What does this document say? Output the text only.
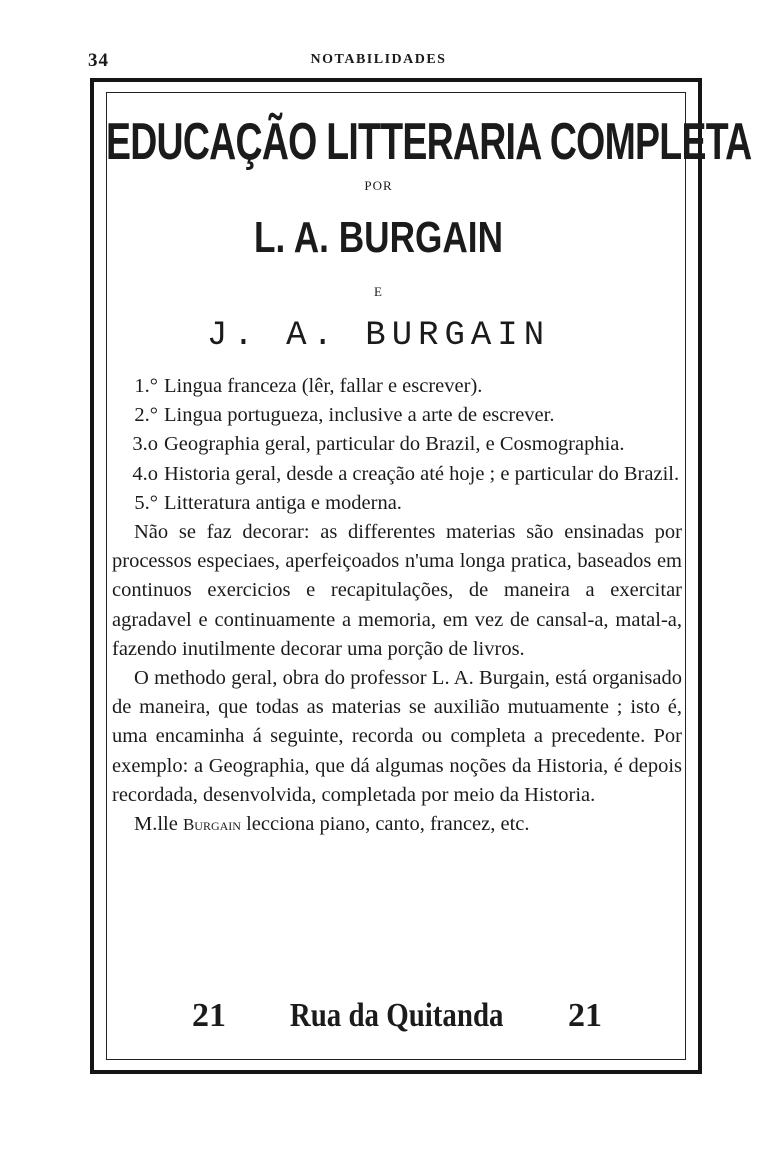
34	NOTABILIDADES
EDUCAÇÃO LITTERARIA COMPLETA
POR
L. A. BURGAIN
E
J. A. BURGAIN
1.° Lingua franceza (lêr, fallar e escrever).
2.° Lingua portugueza, inclusive a arte de escrever.
3.o Geographia geral, particular do Brazil, e Cosmographia.
4.o Historia geral, desde a creação até hoje ; e particular do Brazil.
5.° Litteratura antiga e moderna.

Não se faz decorar: as differentes materias são ensinadas por processos especiaes, aperfeiçoados n'uma longa pratica, baseados em continuos exercicios e recapitulações, de maneira a exercitar agradavel e continuamente a memoria, em vez de cansal-a, matal-a, fazendo inutilmente decorar uma porção de livros.

O methodo geral, obra do professor L. A. Burgain, está organisado de maneira, que todas as materias se auxilião mutuamente ; isto é, uma encaminha á seguinte, recorda ou completa a precedente. Por exemplo: a Geographia, que dá algumas noções da Historia, é depois recordada, desenvolvida, completada por meio da Historia.

M.lle Burgain lecciona piano, canto, francez, etc.

21 Rua da Quitanda 21
